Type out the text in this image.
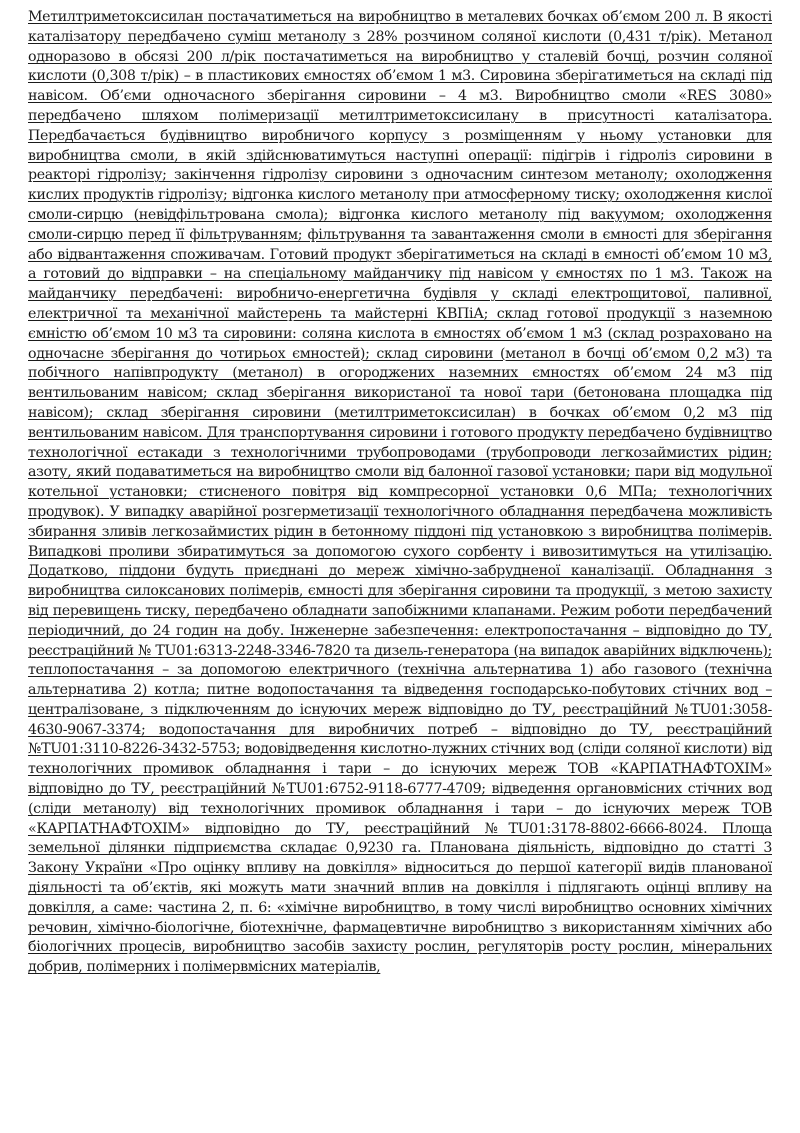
Метилтриметоксисилан постачатиметься на виробництво в металевих бочках об’ємом 200 л. В якості каталізатору передбачено суміш метанолу з 28% розчином соляної кислоти (0,431 т/рік). Метанол одноразово в обсязі 200 л/рік постачатиметься на виробництво у сталевій бочці, розчин соляної кислоти (0,308 т/рік) – в пластикових ємностях об’ємом 1 м3. Сировина зберігатиметься на складі під навісом. Об’єми одночасного зберігання сировини – 4 м3. Виробництво смоли «RES 3080» передбачено шляхом полімеризації метилтриметоксисилану в присутності каталізатора. Передбачається будівництво виробничого корпусу з розміщенням у ньому установки для виробництва смоли, в якій здійснюватимуться наступні операції: підігрів і гідроліз сировини в реакторі гідролізу; закінчення гідролізу сировини з одночасним синтезом метанолу; охолодження кислих продуктів гідролізу; відгонка кислого метанолу при атмосферному тиску; охолодження кислої смоли-сирцю (невідфільтрована смола); відгонка кислого метанолу під вакуумом; охолодження смоли-сирцю перед її фільтруванням; фільтрування та завантаження смоли в ємності для зберігання або відвантаження споживачам. Готовий продукт зберігатиметься на складі в ємності об’ємом 10 м3, а готовий до відправки – на спеціальному майданчику під навісом у ємностях по 1 м3. Також на майданчику передбачені: виробничо-енергетична будівля у складі електрощитової, паливної, електричної та механічної майстерень та майстерні КВПіА; склад готової продукції з наземною ємністю об’ємом 10 м3 та сировини: соляна кислота в ємностях об’ємом 1 м3 (склад розраховано на одночасне зберігання до чотирьох ємностей); склад сировини (метанол в бочці об’ємом 0,2 м3) та побічного напівпродукту (метанол) в огороджених наземних ємностях об’ємом 24 м3 під вентильованим навісом; склад зберігання використаної та нової тари (бетонована площадка під навісом); склад зберігання сировини (метилтриметоксисилан) в бочках об’ємом 0,2 м3 під вентильованим навісом. Для транспортування сировини і готового продукту передбачено будівництво технологічної естакади з технологічними трубопроводами (трубопроводи легкозаймистих рідин; азоту, який подаватиметься на виробництво смоли від балонної газової установки; пари від модульної котельної установки; стисненого повітря від компресорної установки 0,6 МПа; технологічних продувок). У випадку аварійної розгерметизації технологічного обладнання передбачена можливість збирання зливів легкозаймистих рідин в бетонному піддоні під установкою з виробництва полімерів. Випадкові проливи збиратимуться за допомогою сухого сорбенту і вивозитимуться на утилізацію. Додатково, піддони будуть приєднані до мереж хімічно-забрудненої каналізації. Обладнання з виробництва силоксанових полімерів, ємності для зберігання сировини та продукції, з метою захисту від перевищень тиску, передбачено обладнати запобіжними клапанами. Режим роботи передбачений періодичний, до 24 годин на добу. Інженерне забезпечення: електропостачання – відповідно до ТУ, реєстраційний № TU01:6313-2248-3346-7820 та дизель-генератора (на випадок аварійних відключень); теплопостачання – за допомогою електричного (технічна альтернатива 1) або газового (технічна альтернатива 2) котла; питне водопостачання та відведення господарсько-побутових стічних вод – централізоване, з підключенням до існуючих мереж відповідно до ТУ, реєстраційний №TU01:3058-4630-9067-3374; водопостачання для виробничих потреб – відповідно до ТУ, реєстраційний №TU01:3110-8226-3432-5753; водовідведення кислотно-лужних стічних вод (сліди соляної кислоти) від технологічних промивок обладнання і тари – до існуючих мереж ТОВ «КАРПАТНАФТОХІМ» відповідно до ТУ, реєстраційний №TU01:6752-9118-6777-4709; відведення органовмісних стічних вод (сліди метанолу) від технологічних промивок обладнання і тари – до існуючих мереж ТОВ «КАРПАТНАФТОХІМ» відповідно до ТУ, реєстраційний №TU01:3178-8802-6666-8024. Площа земельної ділянки підприємства складає 0,9230 га. Планована діяльність, відповідно до статті 3 Закону України «Про оцінку впливу на довкілля» відноситься до першої категорії видів планованої діяльності та об’єктів, які можуть мати значний вплив на довкілля і підлягають оцінці впливу на довкілля, а саме: частина 2, п. 6: «хімічне виробництво, в тому числі виробництво основних хімічних речовин, хімічно-біологічне, біотехнічне, фармацевтичне виробництво з використанням хімічних або біологічних процесів, виробництво засобів захисту рослин, регуляторів росту рослин, мінеральних добрив, полімерних і полімервмісних матеріалів,
